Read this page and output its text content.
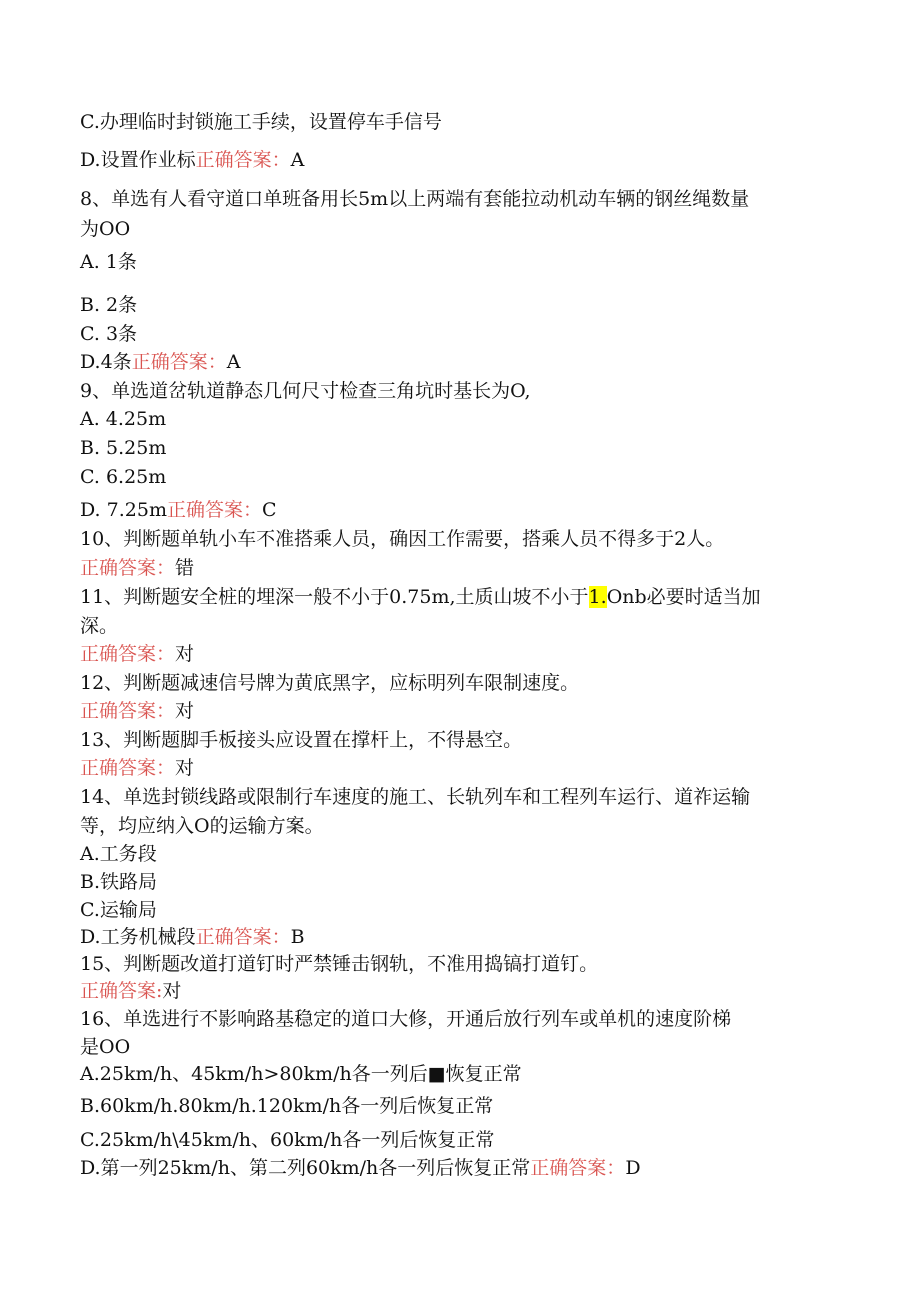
C.办理临时封锁施工手续，设置停车手信号
D.设置作业标正确答案：A
8、单选有人看守道口单班备用长5m以上两端有套能拉动机动车辆的钢丝绳数量
为OO
A. 1条
B. 2条
C. 3条
D.4条正确答案：A
9、单选道岔轨道静态几何尺寸检查三角坑时基长为O,
A. 4.25m
B. 5.25m
C. 6.25m
D. 7.25m正确答案：C
10、判断题单轨小车不准搭乘人员，确因工作需要，搭乘人员不得多于2人。
正确答案：错
11、判断题安全桩的埋深一般不小于0.75m,土质山坡不小于1.Onb必要时适当加
深。
正确答案：对
12、判断题减速信号牌为黄底黑字，应标明列车限制速度。
正确答案：对
13、判断题脚手板接头应设置在撑杆上，不得悬空。
正确答案：对
14、单选封锁线路或限制行车速度的施工、长轨列车和工程列车运行、道祚运输
等，均应纳入O的运输方案。
A.工务段
B.铁路局
C.运输局
D.工务机械段正确答案：B
15、判断题改道打道钉时严禁锤击钢轨，不准用捣镐打道钉。
正确答案:对
16、单选进行不影响路基稳定的道口大修，开通后放行列车或单机的速度阶梯
是OO
A.25km/h、45km/h>80km/h各一列后■恢复正常
B.60km/h.80km/h.120km/h各一列后恢复正常
C.25km/h\45km/h、60km/h各一列后恢复正常
D.第一列25km/h、第二列60km/h各一列后恢复正常正确答案：D
